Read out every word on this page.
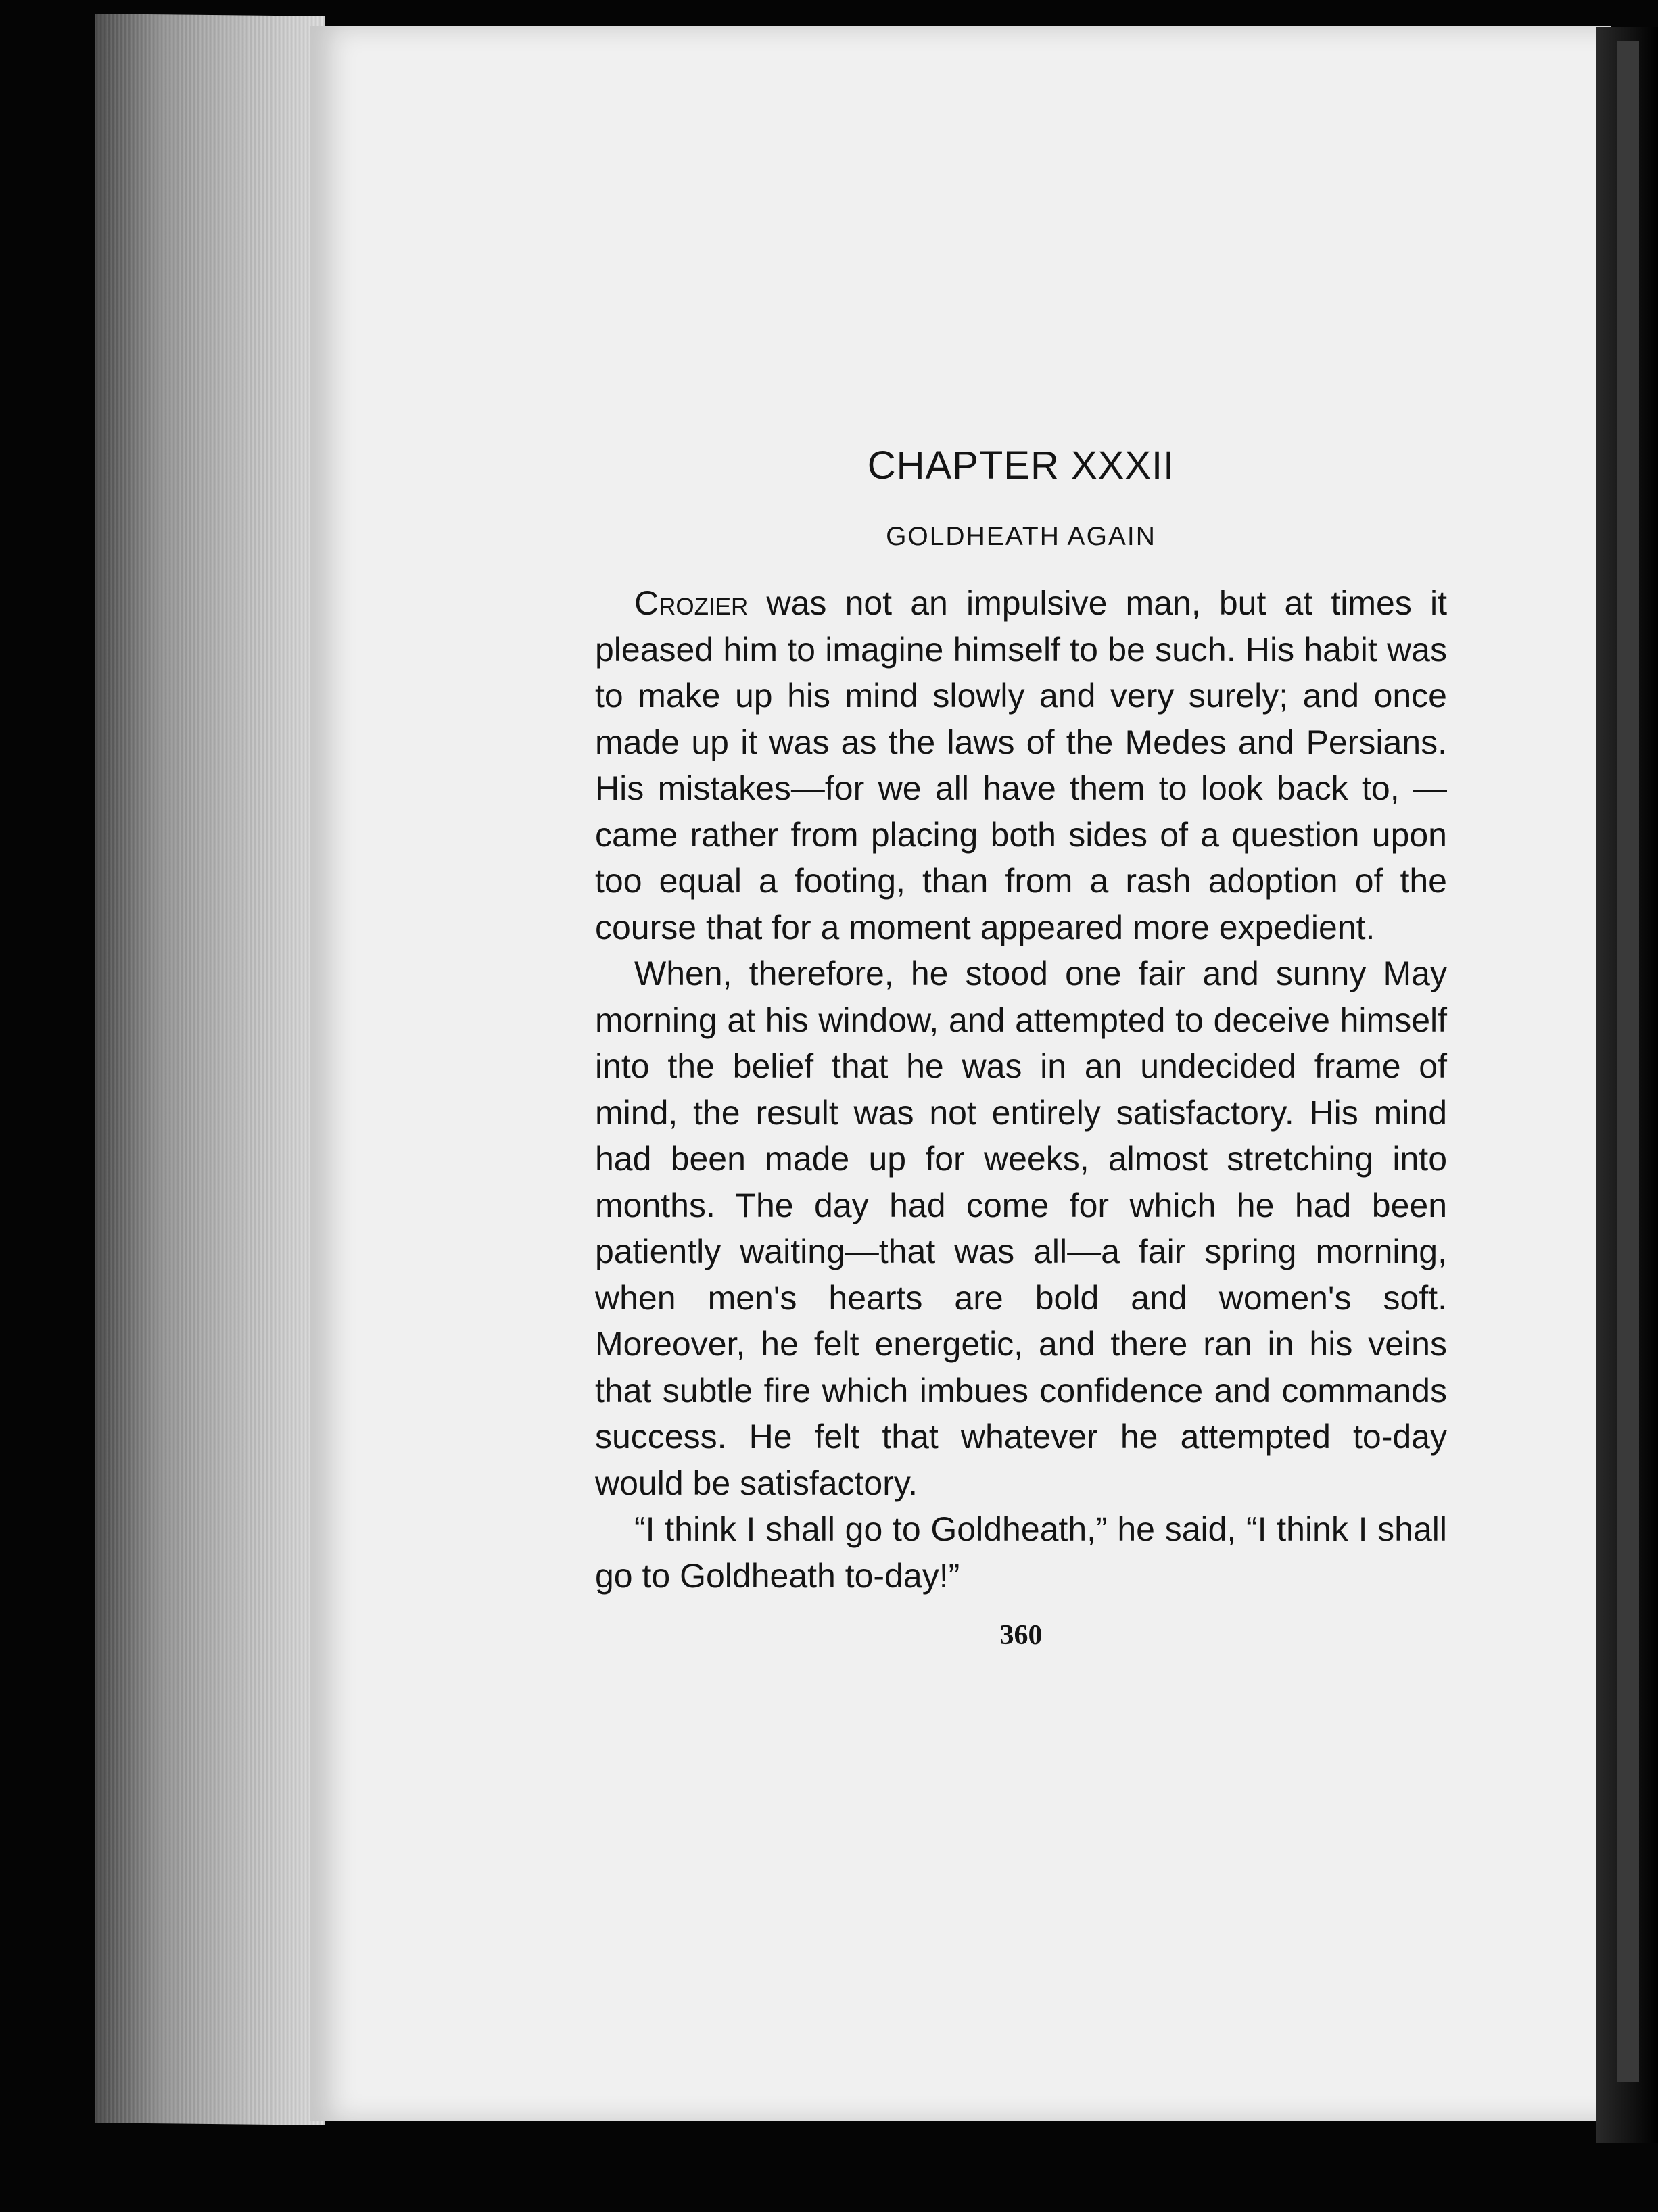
CHAPTER XXXII
GOLDHEATH AGAIN

Crozier was not an impulsive man, but at times it pleased him to imagine himself to be such. His habit was to make up his mind slowly and very surely; and once made up it was as the laws of the Medes and Persians. His mistakes—for we all have them to look back to, —came rather from placing both sides of a question upon too equal a footing, than from a rash adoption of the course that for a moment appeared more expedient.

When, therefore, he stood one fair and sunny May morning at his window, and attempted to deceive himself into the belief that he was in an undecided frame of mind, the result was not entirely satisfactory. His mind had been made up for weeks, almost stretching into months. The day had come for which he had been patiently waiting—that was all—a fair spring morning, when men's hearts are bold and women's soft. Moreover, he felt energetic, and there ran in his veins that subtle fire which imbues confidence and commands success. He felt that whatever he attempted to-day would be satisfactory.

“I think I shall go to Goldheath,” he said, “I think I shall go to Goldheath to-day!”

360
